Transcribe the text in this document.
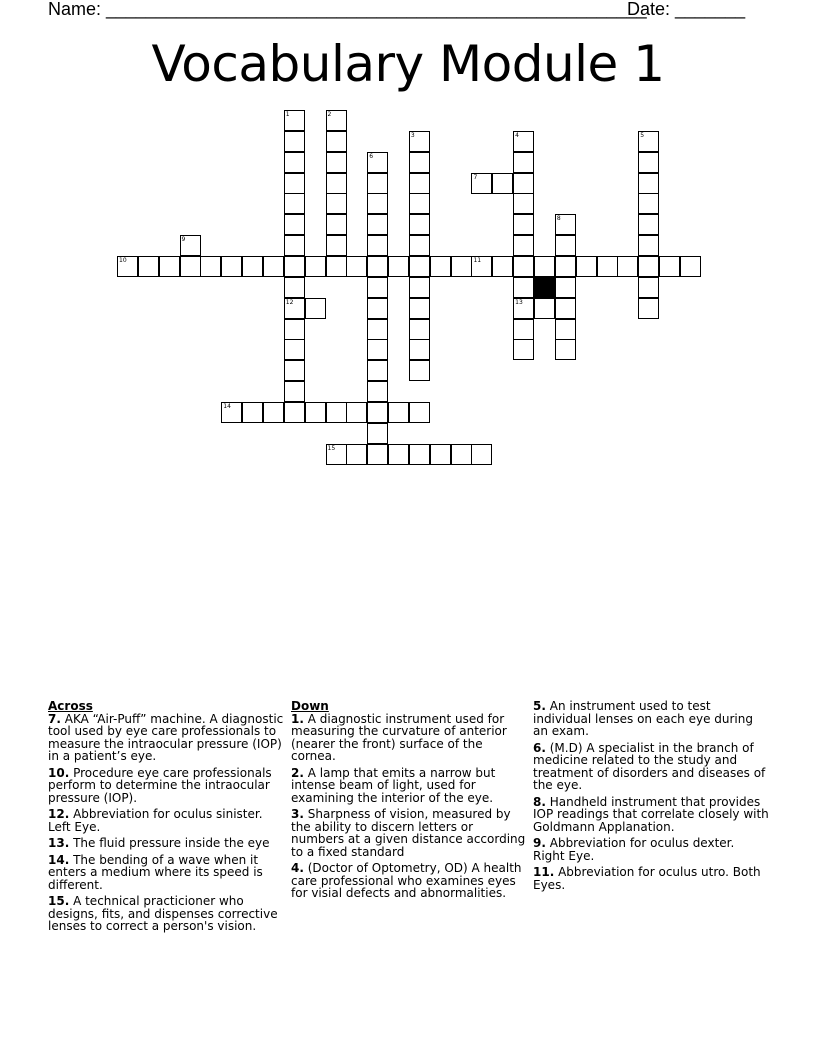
Name: ______________________________________________________
Date: _______
Vocabulary Module 1
1
12
2
3	4
13
5
6
7
8
9
10	11
14
15
Across
7. AKA “Air-Puff” machine. A diagnostic tool used by eye care professionals to measure the intraocular pressure (IOP) in a patient’s eye.
10. Procedure eye care professionals perform to determine the intraocular pressure (IOP).
12. Abbreviation for oculus sinister. Left Eye.
13. The fluid pressure inside the eye
14. The bending of a wave when it enters a medium where its speed is different.
15. A technical practicioner who designs, fits, and dispenses corrective lenses to correct a person's vision.
Down
1. A diagnostic instrument used for measuring the curvature of anterior (nearer the front) surface of the cornea.
2. A lamp that emits a narrow but intense beam of light, used for examining the interior of the eye.
3. Sharpness of vision, measured by the ability to discern letters or numbers at a given distance according to a fixed standard
4. (Doctor of Optometry, OD) A health care professional who examines eyes for visial defects and abnormalities.
5. An instrument used to test individual lenses on each eye during an exam.
6. (M.D) A specialist in the branch of medicine related to the study and treatment of disorders and diseases of the eye.
8. Handheld instrument that provides IOP readings that correlate closely with Goldmann Applanation.
9. Abbreviation for oculus dexter. Right Eye.
11. Abbreviation for oculus utro. Both Eyes.
